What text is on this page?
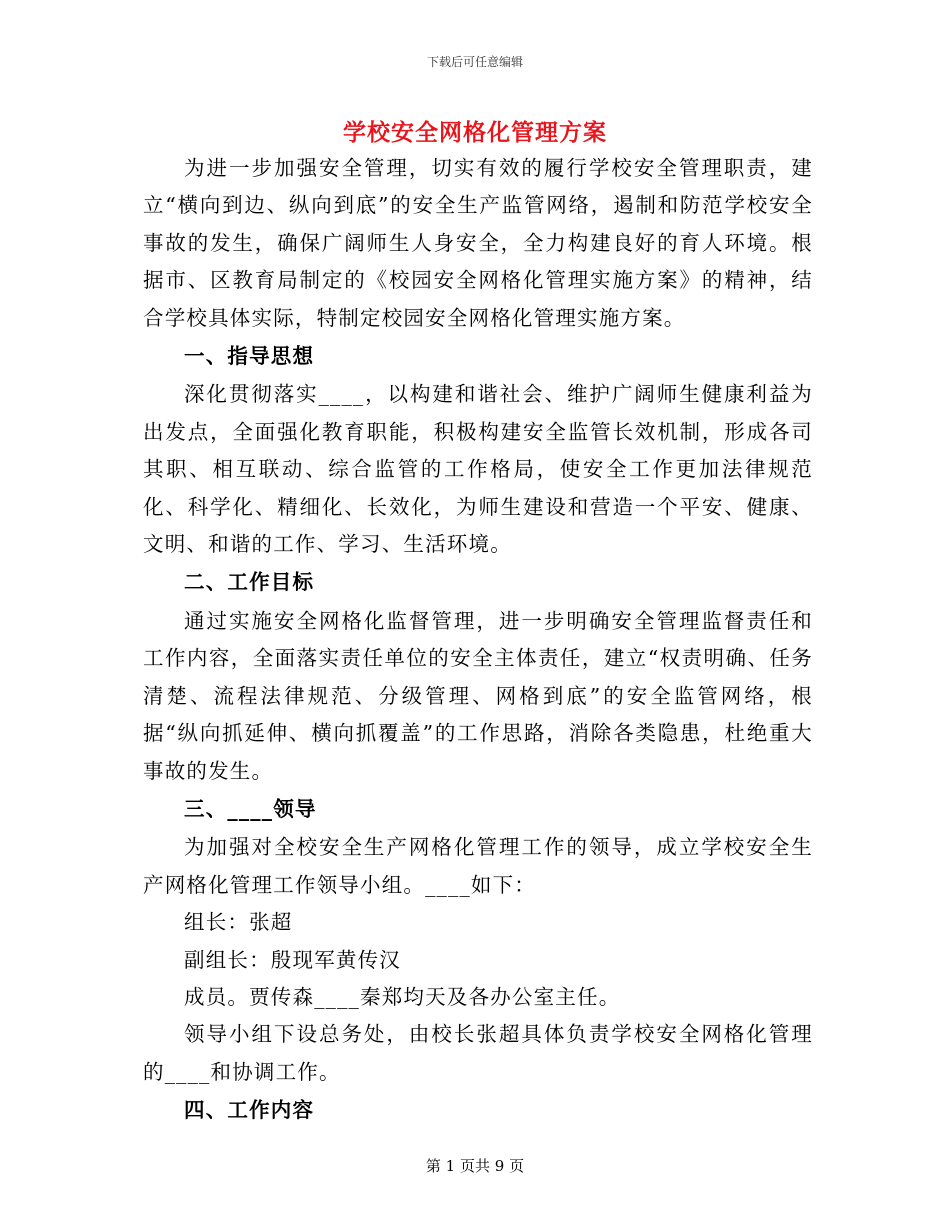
下载后可任意编辑
学校安全网格化管理方案

为进一步加强安全管理，切实有效的履行学校安全管理职责，建立“横向到边、纵向到底”的安全生产监管网络，遏制和防范学校安全事故的发生，确保广阔师生人身安全，全力构建良好的育人环境。根据市、区教育局制定的《校园安全网格化管理实施方案》的精神，结合学校具体实际，特制定校园安全网格化管理实施方案。

一、指导思想

深化贯彻落实____，以构建和谐社会、维护广阔师生健康利益为出发点，全面强化教育职能，积极构建安全监管长效机制，形成各司其职、相互联动、综合监管的工作格局，使安全工作更加法律规范化、科学化、精细化、长效化，为师生建设和营造一个平安、健康、文明、和谐的工作、学习、生活环境。

二、工作目标

通过实施安全网格化监督管理，进一步明确安全管理监督责任和工作内容，全面落实责任单位的安全主体责任，建立“权责明确、任务清楚、流程法律规范、分级管理、网格到底”的安全监管网络，根据“纵向抓延伸、横向抓覆盖”的工作思路，消除各类隐患，杜绝重大事故的发生。

三、____领导

为加强对全校安全生产网格化管理工作的领导，成立学校安全生产网格化管理工作领导小组。____如下：

组长：张超

副组长：殷现军黄传汉

成员。贾传森____秦郑均天及各办公室主任。

领导小组下设总务处，由校长张超具体负责学校安全网格化管理的____和协调工作。

四、工作内容

第 1 页共 9 页
